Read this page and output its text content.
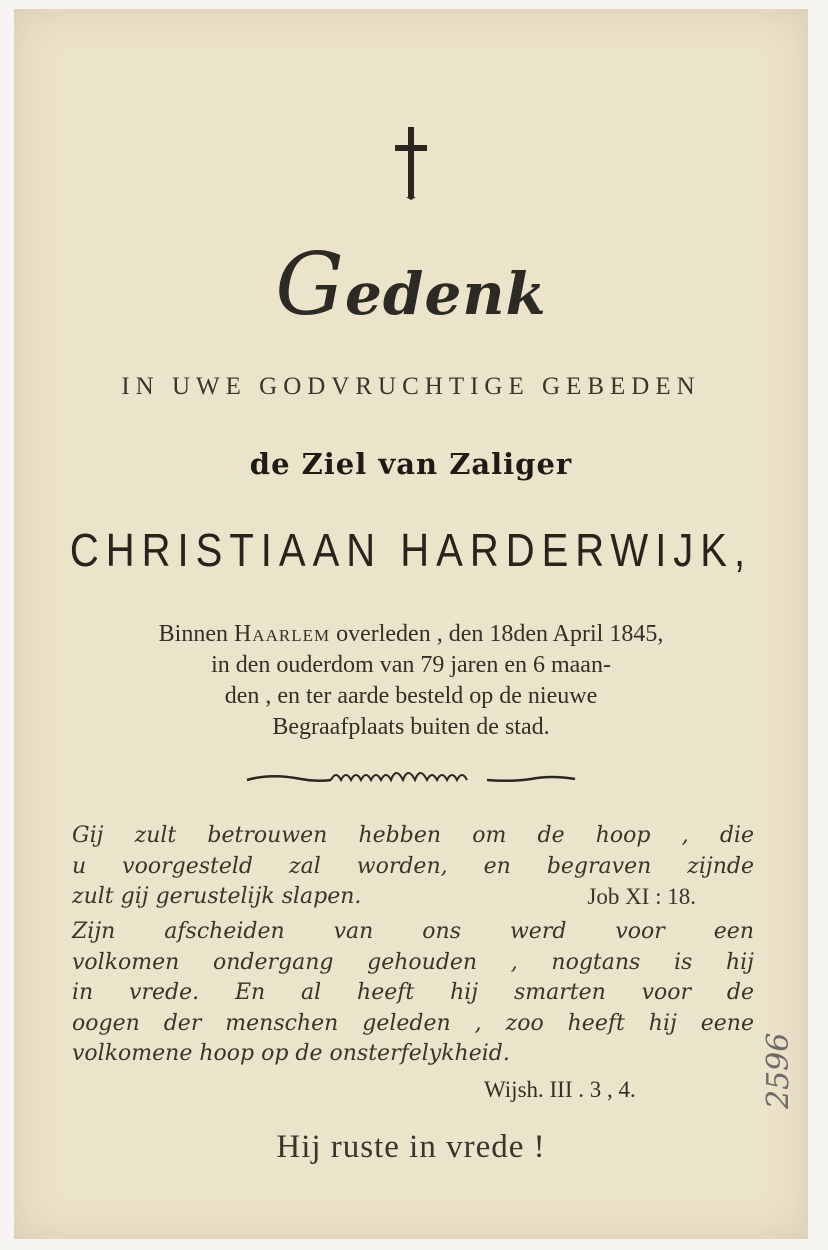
Gedenk
IN UWE GODVRUCHTIGE GEBEDEN
de Ziel van Zaliger
CHRISTIAAN HARDERWIJK,
Binnen Haarlem overleden , den 18den April 1845,
in den ouderdom van 79 jaren en 6 maan-
den , en ter aarde besteld op de nieuwe
Begraafplaats buiten de stad.
Gij zult betrouwen hebben om de hoop , die
u voorgesteld zal worden, en begraven zijnde
zult gij gerustelijk slapen.	Job XI : 18.
Zijn afscheiden van ons werd voor een
volkomen ondergang gehouden , nogtans is hij
in vrede. En al heeft hij smarten voor de
oogen der menschen geleden , zoo heeft hij eene
volkomene hoop op de onsterfelykheid.
Wijsh. III . 3 , 4.
Hij ruste in vrede !
2596
